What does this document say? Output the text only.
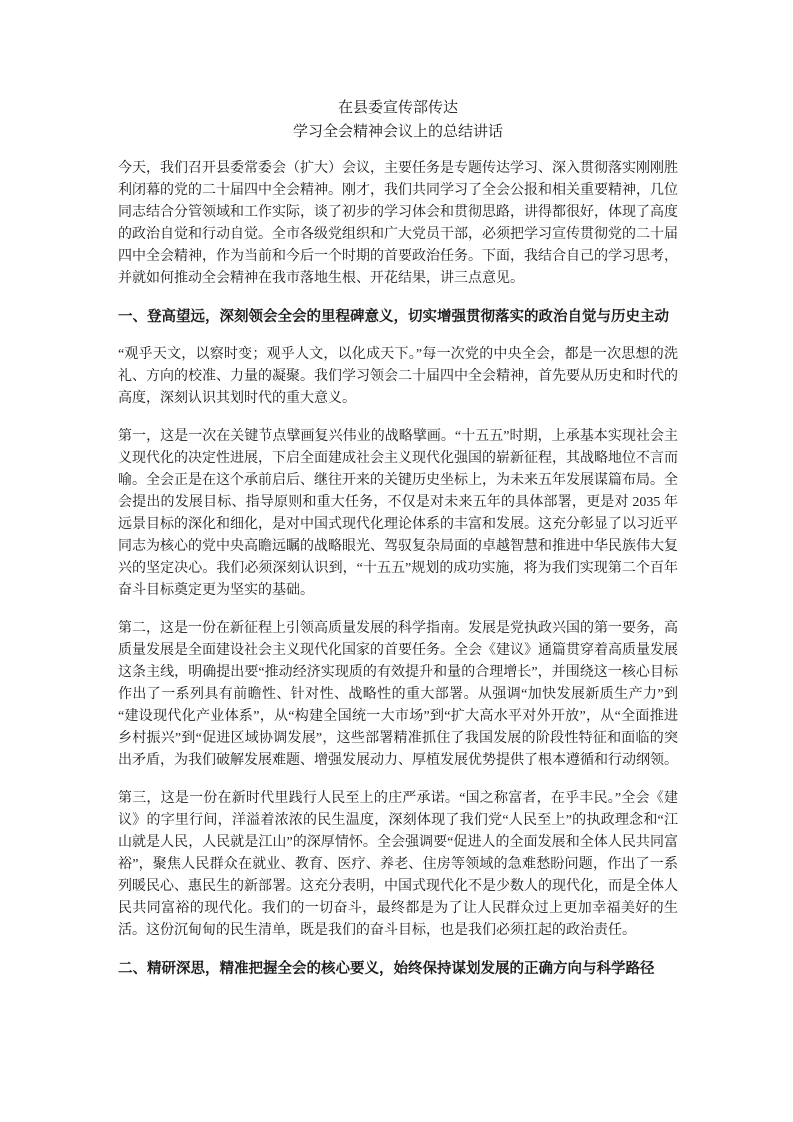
在县委宣传部传达
学习全会精神会议上的总结讲话

今天，我们召开县委常委会（扩大）会议，主要任务是专题传达学习、深入贯彻落实刚刚胜利闭幕的党的二十届四中全会精神。刚才，我们共同学习了全会公报和相关重要精神，几位同志结合分管领域和工作实际，谈了初步的学习体会和贯彻思路，讲得都很好，体现了高度的政治自觉和行动自觉。全市各级党组织和广大党员干部，必须把学习宣传贯彻党的二十届四中全会精神，作为当前和今后一个时期的首要政治任务。下面，我结合自己的学习思考，并就如何推动全会精神在我市落地生根、开花结果，讲三点意见。

一、登高望远，深刻领会全会的里程碑意义，切实增强贯彻落实的政治自觉与历史主动

“观乎天文，以察时变；观乎人文，以化成天下。”每一次党的中央全会，都是一次思想的洗礼、方向的校准、力量的凝聚。我们学习领会二十届四中全会精神，首先要从历史和时代的高度，深刻认识其划时代的重大意义。

第一，这是一次在关键节点擘画复兴伟业的战略擘画。“十五五”时期，上承基本实现社会主义现代化的决定性进展，下启全面建成社会主义现代化强国的崭新征程，其战略地位不言而喻。全会正是在这个承前启后、继往开来的关键历史坐标上，为未来五年发展谋篇布局。全会提出的发展目标、指导原则和重大任务，不仅是对未来五年的具体部署，更是对 2035 年远景目标的深化和细化，是对中国式现代化理论体系的丰富和发展。这充分彰显了以习近平同志为核心的党中央高瞻远瞩的战略眼光、驾驭复杂局面的卓越智慧和推进中华民族伟大复兴的坚定决心。我们必须深刻认识到，“十五五”规划的成功实施，将为我们实现第二个百年奋斗目标奠定更为坚实的基础。

第二，这是一份在新征程上引领高质量发展的科学指南。发展是党执政兴国的第一要务，高质量发展是全面建设社会主义现代化国家的首要任务。全会《建议》通篇贯穿着高质量发展这条主线，明确提出要“推动经济实现质的有效提升和量的合理增长”，并围绕这一核心目标作出了一系列具有前瞻性、针对性、战略性的重大部署。从强调“加快发展新质生产力”到“建设现代化产业体系”，从“构建全国统一大市场”到“扩大高水平对外开放”，从“全面推进乡村振兴”到“促进区域协调发展”，这些部署精准抓住了我国发展的阶段性特征和面临的突出矛盾，为我们破解发展难题、增强发展动力、厚植发展优势提供了根本遵循和行动纲领。

第三，这是一份在新时代里践行人民至上的庄严承诺。“国之称富者，在乎丰民。”全会《建议》的字里行间，洋溢着浓浓的民生温度，深刻体现了我们党“人民至上”的执政理念和“江山就是人民，人民就是江山”的深厚情怀。全会强调要“促进人的全面发展和全体人民共同富裕”，聚焦人民群众在就业、教育、医疗、养老、住房等领域的急难愁盼问题，作出了一系列暖民心、惠民生的新部署。这充分表明，中国式现代化不是少数人的现代化，而是全体人民共同富裕的现代化。我们的一切奋斗，最终都是为了让人民群众过上更加幸福美好的生活。这份沉甸甸的民生清单，既是我们的奋斗目标，也是我们必须扛起的政治责任。

二、精研深思，精准把握全会的核心要义，始终保持谋划发展的正确方向与科学路径
